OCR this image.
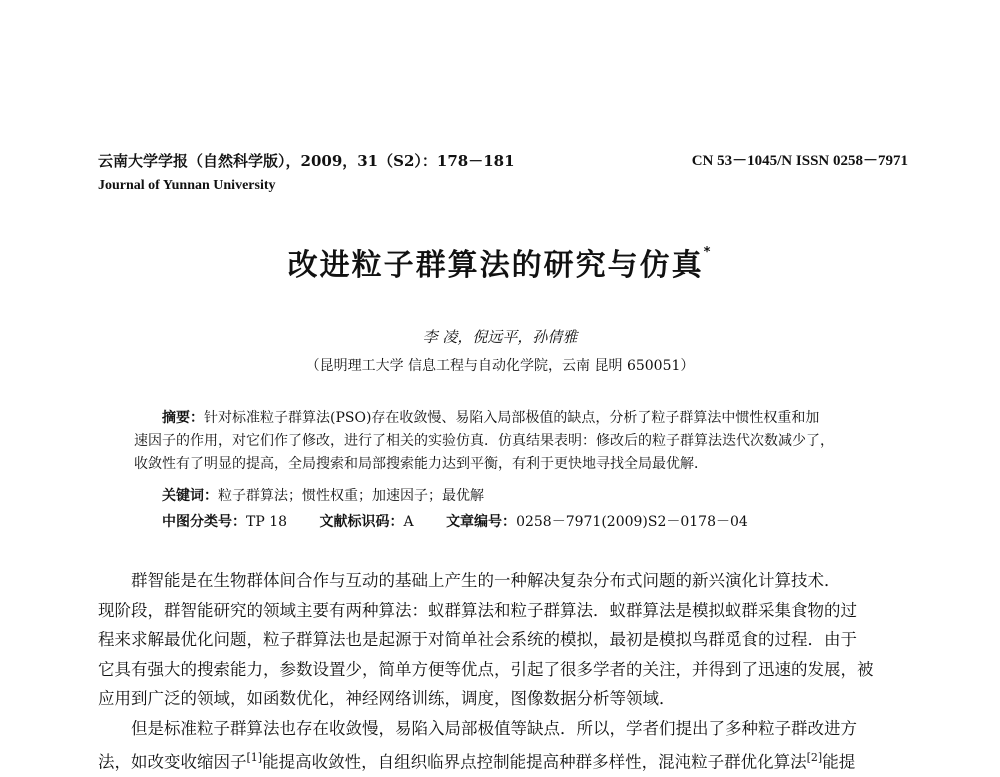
云南大学学报（自然科学版），2009，31（S2）：178－181	CN 53－1045/N ISSN 0258－7971
Journal of Yunnan University
改进粒子群算法的研究与仿真*
李 凌，倪远平，孙倩雅
（昆明理工大学 信息工程与自动化学院，云南 昆明 650051）
摘要：针对标准粒子群算法(PSO)存在收敛慢、易陷入局部极值的缺点，分析了粒子群算法中惯性权重和加
速因子的作用，对它们作了修改，进行了相关的实验仿真．仿真结果表明：修改后的粒子群算法迭代次数减少了，
收敛性有了明显的提高，全局搜索和局部搜索能力达到平衡，有利于更快地寻找全局最优解．
关键词：粒子群算法；惯性权重；加速因子；最优解
中图分类号：TP 18 文献标识码：A 文章编号：0258－7971(2009)S2－0178－04
群智能是在生物群体间合作与互动的基础上产生的一种解决复杂分布式问题的新兴演化计算技术．
现阶段，群智能研究的领域主要有两种算法：蚁群算法和粒子群算法．蚁群算法是模拟蚁群采集食物的过
程来求解最优化问题，粒子群算法也是起源于对简单社会系统的模拟，最初是模拟鸟群觅食的过程．由于
它具有强大的搜索能力，参数设置少，简单方便等优点，引起了很多学者的关注，并得到了迅速的发展，被
应用到广泛的领域，如函数优化，神经网络训练，调度，图像数据分析等领域．
但是标准粒子群算法也存在收敛慢，易陷入局部极值等缺点．所以，学者们提出了多种粒子群改进方
法，如改变收缩因子[1]能提高收敛性，自组织临界点控制能提高种群多样性，混沌粒子群优化算法[2]能提
